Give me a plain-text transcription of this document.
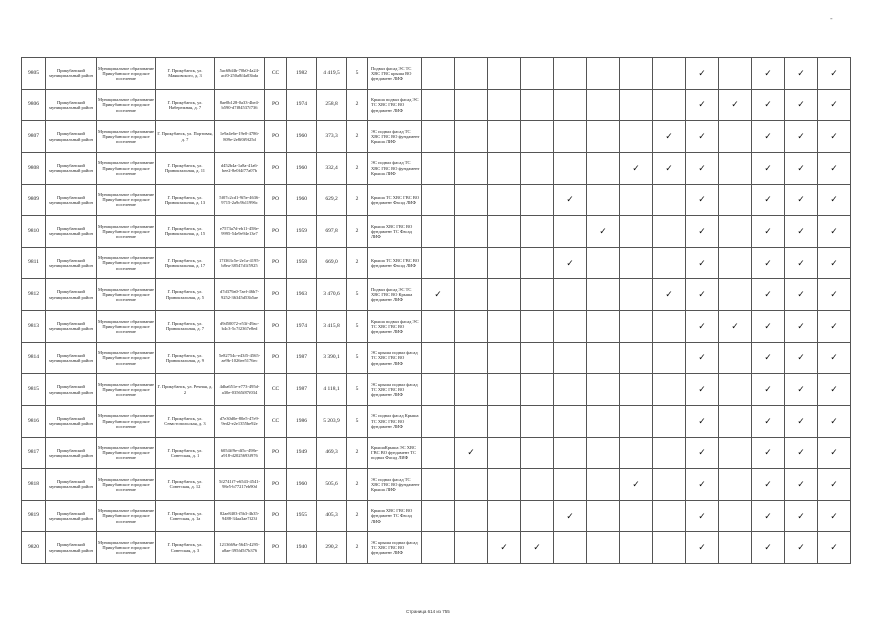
-
9805	Прикубанский муниципальный район	Муниципальное образование Прикубанское городское поселение	Г. Прикубанск, ул. Маяковского, д. 3	5ac68d4b-70b0-4a24-acf0-250a8f4a03bda	СС	1982	4 419,5	5	Подвал фасад ЭС ТС ХВС ГВС крыша ВО фундамент ЛИФ									✓		✓	✓	✓
9806	Прикубанский муниципальный район	Муниципальное образование Прикубанское городское поселение	Г. Прикубанск, ул. Набережная, д. 7	8ae0b128-0a33-4be4-b590-d7f84537f736	РО	1974	258,8	2	Крыша подвал фасад ЭС ТС ХВС ГВС ВО фундамент ЛИФ									✓	✓	✓	✓	✓
9807	Прикубанский муниципальный район	Муниципальное образование Прикубанское городское поселение	Г. Прикубанск, ул. Портовая, д. 7	1e9a4e6e-19e0-4786-809e-2e8f0f9f25d	РО	1960	373,3	2	ЭС подвал фасад ТС ХВС ГВС ВО фундамент Крыша ЛИФ								✓	✓		✓	✓	✓
9808	Прикубанский муниципальный район	Муниципальное образование Прикубанское городское поселение	Г. Прикубанск, ул. Привокзальная, д. 11	d452b4a-1a8a-41a6-bee2-8e0f4f77a07b	РО	1960	332,4	2	ЭС подвал фасад ТС ХВС ГВС ВО фундамент Крыша ЛИФ							✓	✓	✓		✓	✓	✓
9809	Прикубанский муниципальный район	Муниципальное образование Прикубанское городское поселение	Г. Прикубанск, ул. Привокзальная, д. 13	5f07c2cd1-9f5e-4636-9715-2a9c9b11996c	РО	1960	629,2	2	Крыша ТС ХВС ГВС ВО фундамент Фасад ЛИФ					✓				✓		✓	✓	✓
9810	Прикубанский муниципальный район	Муниципальное образование Прикубанское городское поселение	Г. Прикубанск, ул. Привокзальная, д. 15	e7573a7d-eb11-458e-9995-54e9e94e13e7	РО	1959	697,8	2	Крыша ХВС ГВС ВО фундамент ТС Фасад ЛИФ						✓			✓		✓	✓	✓
9811	Прикубанский муниципальный район	Муниципальное образование Прикубанское городское поселение	Г. Прикубанск, ул. Привокзальная, д. 17	17f363c5e-2e1a-4195-b8ea-38547d1f5925	РО	1958	669,0	2	Крыша ТС ХВС ГВС ВО фундамент Фасад ЛИФ					✓				✓		✓	✓	✓
9812	Прикубанский муниципальный район	Муниципальное образование Прикубанское городское поселение	Г. Прикубанск, ул. Привокзальная, д. 5	d7d379a0-7aef-46b7-9252-36345d53b5ae	РО	1963	3 470,6	5	Подвал фасад ЭС ТС ХВС ГВС ВО Крыша фундамент ЛИФ	✓							✓	✓		✓	✓	✓
9813	Прикубанский муниципальный район	Муниципальное образование Прикубанское городское поселение	Г. Прикубанск, ул. Привокзальная, д. 7	d9d50072-e53f-49ac-b4c3-5c7f2367e8ed	РО	1974	3 415,8	5	Крыша подвал фасад ЭС ТС ХВС ГВС ВО фундамент ЛИФ									✓	✓	✓	✓	✓
9814	Прикубанский муниципальный район	Муниципальное образование Прикубанское городское поселение	Г. Прикубанск, ул. Привокзальная, д. 9	5e82754c-e43f5-4565-ae9b-1026ee5176ec	РО	1987	3 390,1	5	ЭС крыша подвал фасад ТС ХВС ГВС ВО фундамент ЛИФ									✓		✓	✓	✓
9815	Прикубанский муниципальный район	Муниципальное образование Прикубанское городское поселение	Г. Прикубанск, ул. Речная, д. 2	4dba651e-e773-495d-a30e-03565f87f034	СС	1987	4 118,1	5	ЭС крыша подвал фасад ТС ХВС ГВС ВО фундамент ЛИФ									✓		✓	✓	✓
9816	Прикубанский муниципальный район	Муниципальное образование Прикубанское городское поселение	Г. Прикубанск, ул. Севастопольская, д. 3	d7e30d0e-80e5-47e9-9ed2-e2e1355be92e	СС	1986	5 203,9	5	ЭС подвал фасад Крыша ТС ХВС ГВС ВО фундамент ЛИФ									✓		✓	✓	✓
9817	Прикубанский муниципальный район	Муниципальное образование Прикубанское городское поселение	Г. Прикубанск, ул. Советская, д. 1	6054ff9e-df5c-498e-a918-d2025693f976	РО	1949	469,3	2	КрышаКрыша ЭС ХВС ГВС ВО фундамент ТС подвал Фасад ЛИФ		✓							✓		✓	✓	✓
9818	Прикубанский муниципальный район	Муниципальное образование Прикубанское городское поселение	Г. Прикубанск, ул. Советская, д. 12	5f2741f7-e6543-4541-98e5-b77217eb90d	РО	1960	505,6	2	ЭС подвал фасад ТС ХВС ГВС ВО фундамент Крыша ЛИФ							✓		✓		✓	✓	✓
9819	Прикубанский муниципальный район	Муниципальное образование Прикубанское городское поселение	Г. Прикубанск, ул. Советская, д. 1а	82ae8403-f5b3-4b35-9488-34aa3ae7f23f	РО	1955	405,3	2	Крыша ХВС ГВС ВО фундамент ТС Фасад ЛИФ					✓				✓		✓	✓	✓
9820	Прикубанский муниципальный район	Муниципальное образование Прикубанское городское поселение	Г. Прикубанск, ул. Советская, д. 3	1213669a-5645-4295-a8ae-395fd5f7b376	РО	1940	290,2	2	ЭС крыша подвал фасад ТС ХВС ГВС ВО фундамент ЛИФ			✓	✓					✓		✓	✓	✓
Страница 614 из 755
